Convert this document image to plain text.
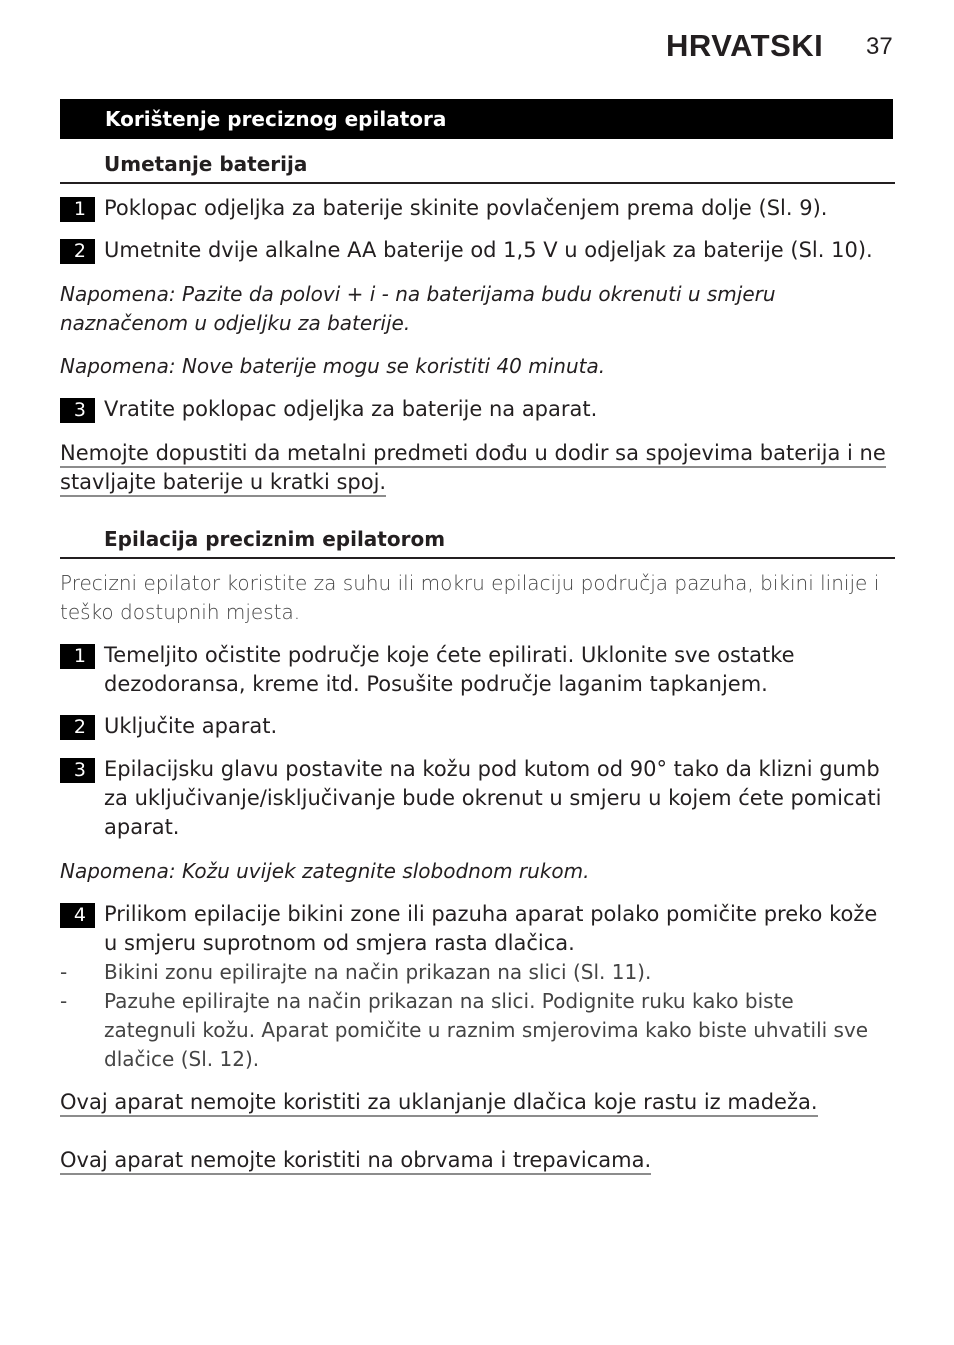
HRVATSKI 37
Korištenje preciznog epilatora
Umetanje baterija
1 Poklopac odjeljka za baterije skinite povlačenjem prema dolje (Sl. 9).
2 Umetnite dvije alkalne AA baterije od 1,5 V u odjeljak za baterije (Sl. 10).
Napomena: Pazite da polovi + i - na baterijama budu okrenuti u smjeru naznačenom u odjeljku za baterije.
Napomena: Nove baterije mogu se koristiti 40 minuta.
3 Vratite poklopac odjeljka za baterije na aparat.
Nemojte dopustiti da metalni predmeti dođu u dodir sa spojevima baterija i ne stavljajte baterije u kratki spoj.
Epilacija preciznim epilatorom
Precizni epilator koristite za suhu ili mokru epilaciju područja pazuha, bikini linije i teško dostupnih mjesta.
1 Temeljito očistite područje koje ćete epilirati. Uklonite sve ostatke dezodoransa, kreme itd. Posušite područje laganim tapkanjem.
2 Uključite aparat.
3 Epilacijsku glavu postavite na kožu pod kutom od 90° tako da klizni gumb za uključivanje/isključivanje bude okrenut u smjeru u kojem ćete pomicati aparat.
Napomena: Kožu uvijek zategnite slobodnom rukom.
4 Prilikom epilacije bikini zone ili pazuha aparat polako pomičite preko kože u smjeru suprotnom od smjera rasta dlačica.
- Bikini zonu epilirajte na način prikazan na slici (Sl. 11).
- Pazuhe epilirajte na način prikazan na slici. Podignite ruku kako biste zategnuli kožu. Aparat pomičite u raznim smjerovima kako biste uhvatili sve dlačice (Sl. 12).
Ovaj aparat nemojte koristiti za uklanjanje dlačica koje rastu iz madeža.
Ovaj aparat nemojte koristiti na obrvama i trepavicama.
